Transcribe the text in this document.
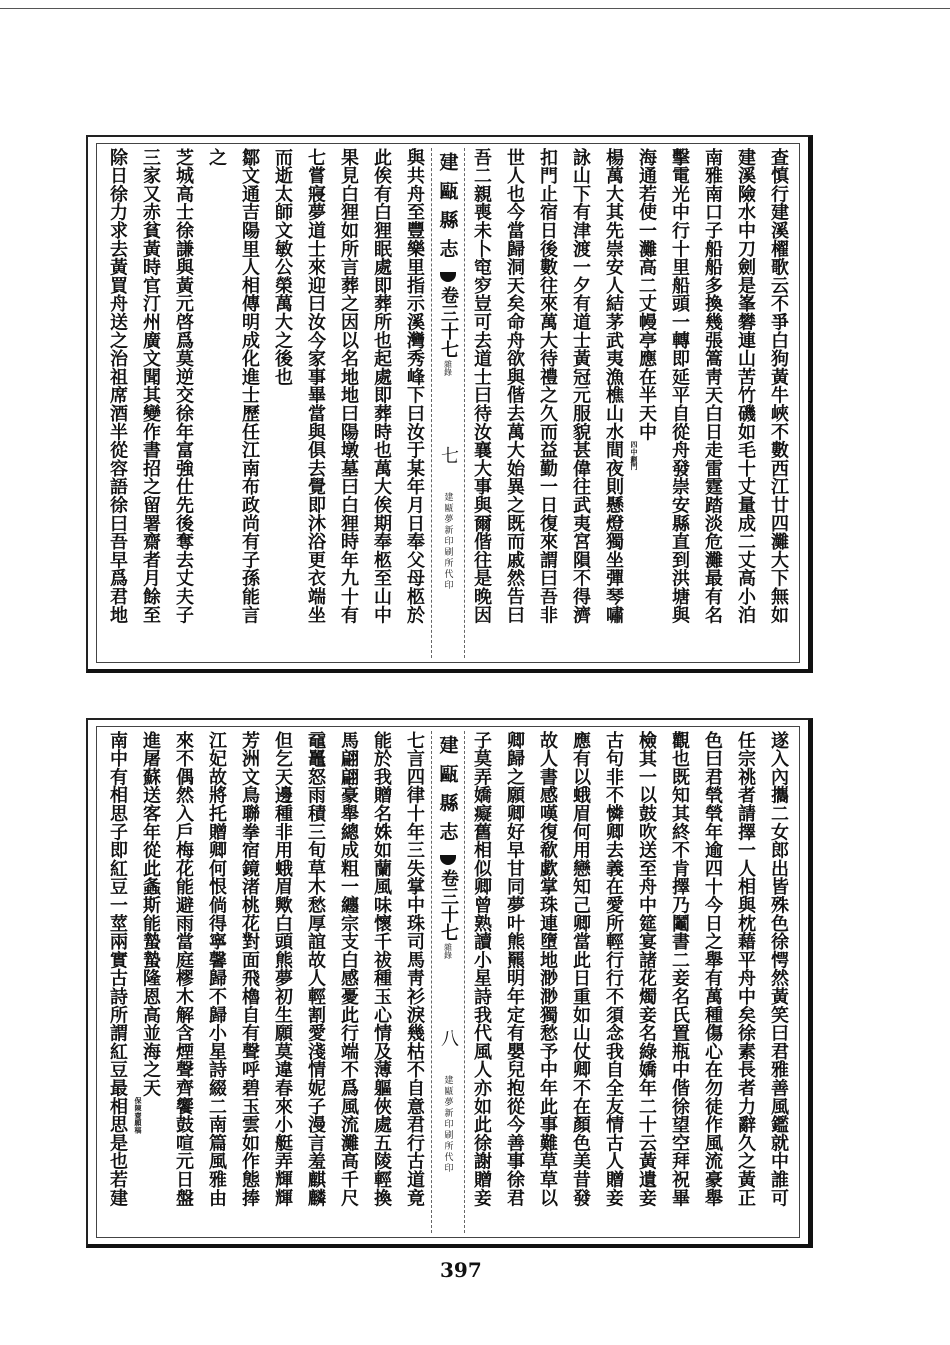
查慎行建溪櫂歌云不爭白狗黃牛峽不數西江廿四灘大下無如
建溪險水中刀劍是峯礬連山苦竹磯如毛十丈量成二丈高小泊
南雅南口子船船多換幾張篙靑天白日走雷霆踏淡危灘最有名
擊電光中行十里船頭一轉即延平自從舟發崇安縣直到洪塘與
海通若使一灘高二丈幔亭應在半天中四中劃門
楊萬大其先崇安人結茅武夷漁樵山水間夜則懸燈獨坐彈琴嘯
詠山下有津渡一夕有道士黃冠元服貌甚偉往武夷宮隕不得濟
扣門止宿日後數往來萬大待禮之久而益勤一日復來謂曰吾非
世人也今當歸洞天矣命舟欲與偕去萬大始異之既而戚然告曰
吾二親喪未卜窀穸豈可去道士曰待汝襄大事與爾偕往是晚因
建甌縣志
卷三十七
雜錄
七
建甌夢新印刷所代印
與共舟至豐樂里指示溪灣秀峰下曰汝于某年月日奉父母柩於
此俟有白狸眠處即葬所也起處即葬時也萬大俟期奉柩至山中
果見白狸如所言葬之因以名地地曰陽墩墓曰白狸時年九十有
七嘗寢夢道士來迎曰汝今家事畢當與俱去覺即沐浴更衣端坐
而逝太師文敏公榮萬大之後也
鄒文通吉陽里人相傳明成化進士歷任江南布政尚有子孫能言
之
芝城高士徐謙與黃元啓爲莫逆交徐年富強仕先後奪去丈夫子
三家又赤貧黃時官汀州廣文聞其變作書招之留署齋者月餘至
除日徐力求去黃買舟送之治祖席酒半從容語徐曰吾早爲君地
遂入內攜二女郎出皆殊色徐愕然黃笑曰君雅善風鑑就中誰可
任宗祧者請擇一人相與枕藉平舟中矣徐素長者力辭久之黃正
色曰君煢煢年逾四十今日之舉有萬種傷心在勿徒作風流豪舉
觀也既知其終不肯擇乃鬮書二妾名氏置瓶中偕徐望空拜祝畢
檢其一以鼓吹送至舟中筵宴諸花燭妾名綠嬌年二十云黃遺妾
古句非不憐卿去義在愛所輕行行不須念我自全友情古人贈妾
應有以蛾眉何用戀知己卿當此日重如山仗卿不在顏色美昔發
故人書感嘆復欷歔掌珠連墮地渺渺獨愁予中年此事難草草以
卿歸之願卿好早甘同夢叶熊羆明年定有嬰兒抱從今善事徐君
子莫弄嬌癡舊相似卿曾熟讀小星詩我代風人亦如此徐謝贈妾
建甌縣志
卷三十七
雜錄
八
建甌夢新印刷所代印
七言四律十年三失掌中珠司馬靑衫淚幾枯不自意君行古道竟
能於我贈名姝如蘭風味懷千祓種玉心情及薄軀俠處五陵輕換
馬翩翩豪舉總成粗一纏宗支白感憂此行端不爲風流灘高千尺
黿鼉怒雨積三旬草木愁厚誼故人輕割愛淺情妮子漫言羞麒麟
但乞天邊種非用蛾眉歟白頭熊夢初生願莫違春來小艇弄輝輝
芳洲文鳥聯拳宿鏡渚桃花對面飛櫓自有聲呼碧玉雲如作態捧
江妃故將托贈卿何恨倘得寧馨歸不歸小星詩綴二南篇風雅由
來不偶然入戶梅花能避雨當庭樛木解含煙聲齊饗鼓喧元日盤
進屠蘇送客年從此螽斯能蟄蟄隆恩高並海之天保陳齋願稿
南中有相思子即紅豆一莖兩實古詩所謂紅豆最相思是也若建
397
